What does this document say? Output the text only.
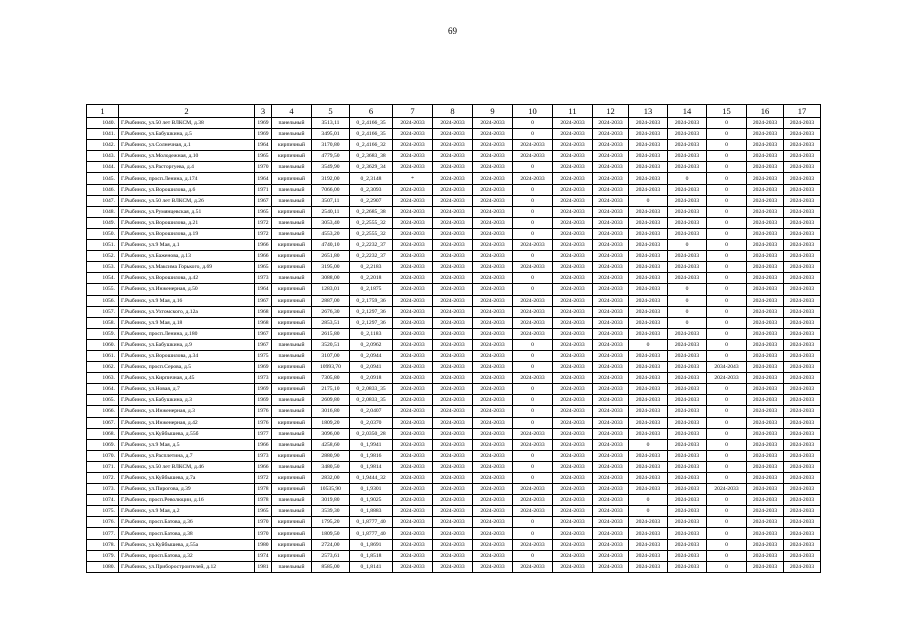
69
1	2	3	4	5	6	7	8	9	10	11	12	13	14	15	16	17
1040.	Г.Рыбинск, ул.50 лет ВЛКСМ, д.38	1969	панельный	3513,11	0_2,4166_35	2024-2033	2024-2033	2024-2033	0	2024-2033	2024-2033	2024-2033	2024-2033	0	2024-2033	2024-2033
1041.	Г.Рыбинск, ул.Бабушкина, д.5	1969	панельный	3495,01	0_2,4166_35	2024-2033	2024-2033	2024-2033	0	2024-2033	2024-2033	2024-2033	2024-2033	0	2024-2033	2024-2033
1042.	Г.Рыбинск, ул.Солнечная, д.1	1964	кирпичный	3170,80	0_2,4166_32	2024-2033	2024-2033	2024-2033	2024-2033	2024-2033	2024-2033	2024-2033	2024-2033	0	2024-2033	2024-2033
1043.	Г.Рыбинск, ул.Молодежная, д.10	1965	кирпичный	4779,50	0_2,3683_38	2024-2033	2024-2033	2024-2033	2024-2033	2024-2033	2024-2033	2024-2033	2024-2033	0	2024-2033	2024-2033
1044.	Г.Рыбинск, ул.Расторгуева, д.4	1970	панельный	3549,90	0_2,3629_34	2024-2033	2024-2033	2024-2033	0	2024-2033	2024-2033	2024-2033	2024-2033	0	2024-2033	2024-2033
1045.	Г.Рыбинск, просп.Ленина, д.174	1964	кирпичный	3192,00	0_2,3148	*	2024-2033	2024-2033	2024-2033	2024-2033	2024-2033	2024-2033	0	0	2024-2033	2024-2033
1046.	Г.Рыбинск, ул.Ворошилова, д.6	1971	панельный	7066,00	0_2,3093	2024-2033	2024-2033	2024-2033	0	2024-2033	2024-2033	2024-2033	2024-2033	0	2024-2033	2024-2033
1047.	Г.Рыбинск, ул.50 лет ВЛКСМ, д.26	1967	панельный	3507,11	0_2,2907	2024-2033	2024-2033	2024-2033	0	2024-2033	2024-2033	0	2024-2033	0	2024-2033	2024-2033
1048.	Г.Рыбинск, ул.Румянцевская, д.51	1965	кирпичный	2540,11	0_2,2685_38	2024-2033	2024-2033	2024-2033	0	2024-2033	2024-2033	2024-2033	2024-2033	0	2024-2033	2024-2033
1049.	Г.Рыбинск, ул.Ворошилова, д.21	1972	панельный	3053,40	0_2,2555_32	2024-2033	2024-2033	2024-2033	0	2024-2033	2024-2033	2024-2033	2024-2033	0	2024-2033	2024-2033
1050.	Г.Рыбинск, ул.Ворошилова, д.19	1972	панельный	4553,20	0_2,2555_32	2024-2033	2024-2033	2024-2033	0	2024-2033	2024-2033	2024-2033	2024-2033	0	2024-2033	2024-2033
1051.	Г.Рыбинск, ул.9 Мая, д.1	1966	кирпичный	4740,10	0_2,2232_37	2024-2033	2024-2033	2024-2033	2024-2033	2024-2033	2024-2033	2024-2033	0	0	2024-2033	2024-2033
1052.	Г.Рыбинск, ул.Баженова, д.13	1966	кирпичный	2651,80	0_2,2232_37	2024-2033	2024-2033	2024-2033	0	2024-2033	2024-2033	2024-2033	2024-2033	0	2024-2033	2024-2033
1053.	Г.Рыбинск, ул.Максима Горького, д.69	1965	кирпичный	3195,00	0_2,2183	2024-2033	2024-2033	2024-2033	2024-2033	2024-2033	2024-2033	2024-2033	2024-2033	0	2024-2033	2024-2033
1054.	Г.Рыбинск, ул.Ворошилова, д.42	1973	панельный	3088,00	0_2,2018	2024-2033	2024-2033	2024-2033	0	2024-2033	2024-2033	2024-2033	2024-2033	0	2024-2033	2024-2033
1055.	Г.Рыбинск, ул.Инженерная, д.50	1964	кирпичный	1283,01	0_2,1875	2024-2033	2024-2033	2024-2033	0	2024-2033	2024-2033	2024-2033	0	0	2024-2033	2024-2033
1056.	Г.Рыбинск, ул.9 Мая, д.16	1967	кирпичный	2887,00	0_2,1759_36	2024-2033	2024-2033	2024-2033	2024-2033	2024-2033	2024-2033	2024-2033	0	0	2024-2033	2024-2033
1057.	Г.Рыбинск, ул.Ухтомского, д.12а	1968	кирпичный	2676,30	0_2,1297_36	2024-2033	2024-2033	2024-2033	2024-2033	2024-2033	2024-2033	2024-2033	0	0	2024-2033	2024-2033
1058.	Г.Рыбинск, ул.9 Мая, д.18	1968	кирпичный	2853,51	0_2,1297_36	2024-2033	2024-2033	2024-2033	2024-2033	2024-2033	2024-2033	2024-2033	0	0	2024-2033	2024-2033
1059.	Г.Рыбинск, просп.Ленина, д.180	1967	кирпичный	2615,80	0_2,1183	2024-2033	2024-2033	2024-2033	2024-2033	2024-2033	2024-2033	2024-2033	2024-2033	0	2024-2033	2024-2033
1060.	Г.Рыбинск, ул.Бабушкина, д.9	1967	панельный	3520,51	0_2,0962	2024-2033	2024-2033	2024-2033	0	2024-2033	2024-2033	0	2024-2033	0	2024-2033	2024-2033
1061.	Г.Рыбинск, ул.Ворошилова, д.34	1975	панельный	3107,00	0_2,0944	2024-2033	2024-2033	2024-2033	0	2024-2033	2024-2033	2024-2033	2024-2033	0	2024-2033	2024-2033
1062.	Г.Рыбинск, просп.Серова, д.5	1969	кирпичный	10993,70	0_2,0941	2024-2033	2024-2033	2024-2033	0	2024-2033	2024-2033	2024-2033	2024-2033	2034-2043	2024-2033	2024-2033
1063.	Г.Рыбинск, ул.Кирпичная, д.45	1973	кирпичный	7305,80	0_2,0918	2024-2033	2024-2033	2024-2033	2024-2033	2024-2033	2024-2033	2024-2033	2024-2033	2024-2033	2024-2033	2024-2033
1064.	Г.Рыбинск, ул.Новая, д.7	1969	кирпичный	2175,10	0_2,0833_35	2024-2033	2024-2033	2024-2033	0	2024-2033	2024-2033	2024-2033	2024-2033	0	2024-2033	2024-2033
1065.	Г.Рыбинск, ул.Бабушкина, д.3	1969	панельный	2609,80	0_2,0833_35	2024-2033	2024-2033	2024-2033	0	2024-2033	2024-2033	2024-2033	2024-2033	0	2024-2033	2024-2033
1066.	Г.Рыбинск, ул.Инженерная, д.3	1976	панельный	3016,80	0_2,0407	2024-2033	2024-2033	2024-2033	0	2024-2033	2024-2033	2024-2033	2024-2033	0	2024-2033	2024-2033
1067.	Г.Рыбинск, ул.Инженерная, д.42	1976	кирпичный	1809,20	0_2,0370	2024-2033	2024-2033	2024-2033	0	2024-2033	2024-2033	2024-2033	2024-2033	0	2024-2033	2024-2033
1068.	Г.Рыбинск, ул.Куйбышева, д.55б	1977	панельный	3096,00	0_2,0350_28	2024-2033	2024-2033	2024-2033	2024-2033	2024-2033	2024-2033	2024-2033	2024-2033	0	2024-2033	2024-2033
1069.	Г.Рыбинск, ул.9 Мая, д.5	1966	панельный	4258,60	0_1,9941	2024-2033	2024-2033	2024-2033	2024-2033	2024-2033	2024-2033	0	2024-2033	0	2024-2033	2024-2033
1070.	Г.Рыбинск, ул.Расплетина, д.7	1973	кирпичный	2880,90	0_1,9816	2024-2033	2024-2033	2024-2033	0	2024-2033	2024-2033	2024-2033	2024-2033	0	2024-2033	2024-2033
1071.	Г.Рыбинск, ул.50 лет ВЛКСМ, д.46	1966	панельный	3480,50	0_1,9814	2024-2033	2024-2033	2024-2033	0	2024-2033	2024-2033	2024-2033	2024-2033	0	2024-2033	2024-2033
1072.	Г.Рыбинск, ул.Куйбышева, д.7а	1972	кирпичный	2832,00	0_1,9444_32	2024-2033	2024-2033	2024-2033	0	2024-2033	2024-2033	2024-2033	2024-2033	0	2024-2033	2024-2033
1073.	Г.Рыбинск, ул.Пирогова, д.39	1978	кирпичный	10535,90	0_1,9301	2024-2033	2024-2033	2024-2033	2024-2033	2024-2033	2024-2033	2024-2033	2024-2033	2024-2033	2024-2033	2024-2033
1074.	Г.Рыбинск, просп.Революции, д.16	1978	панельный	3019,80	0_1,9025	2024-2033	2024-2033	2024-2033	2024-2033	2024-2033	2024-2033	0	2024-2033	0	2024-2033	2024-2033
1075.	Г.Рыбинск, ул.9 Мая, д.2	1965	панельный	3539,30	0_1,8883	2024-2033	2024-2033	2024-2033	2024-2033	2024-2033	2024-2033	0	2024-2033	0	2024-2033	2024-2033
1076.	Г.Рыбинск, просп.Батова, д.36	1970	кирпичный	1795,20	0_1,8777_40	2024-2033	2024-2033	2024-2033	0	2024-2033	2024-2033	2024-2033	2024-2033	0	2024-2033	2024-2033
1077.	Г.Рыбинск, просп.Батова, д.38	1970	кирпичный	1809,50	0_1,8777_40	2024-2033	2024-2033	2024-2033	0	2024-2033	2024-2033	2024-2033	2024-2033	0	2024-2033	2024-2033
1078.	Г.Рыбинск, ул.Куйбышева, д.55а	1980	кирпичный	2724,00	0_1,8691	2024-2033	2024-2033	2024-2033	2024-2033	2024-2033	2024-2033	2024-2033	2024-2033	0	2024-2033	2024-2033
1079.	Г.Рыбинск, просп.Батова, д.32	1974	кирпичный	2573,61	0_1,8518	2024-2033	2024-2033	2024-2033	0	2024-2033	2024-2033	2024-2033	2024-2033	0	2024-2033	2024-2033
1080.	Г.Рыбинск, ул.Приборостроителей, д.12	1981	панельный	8585,00	0_1,8141	2024-2033	2024-2033	2024-2033	2024-2033	2024-2033	2024-2033	2024-2033	2024-2033	0	2024-2033	2024-2033
